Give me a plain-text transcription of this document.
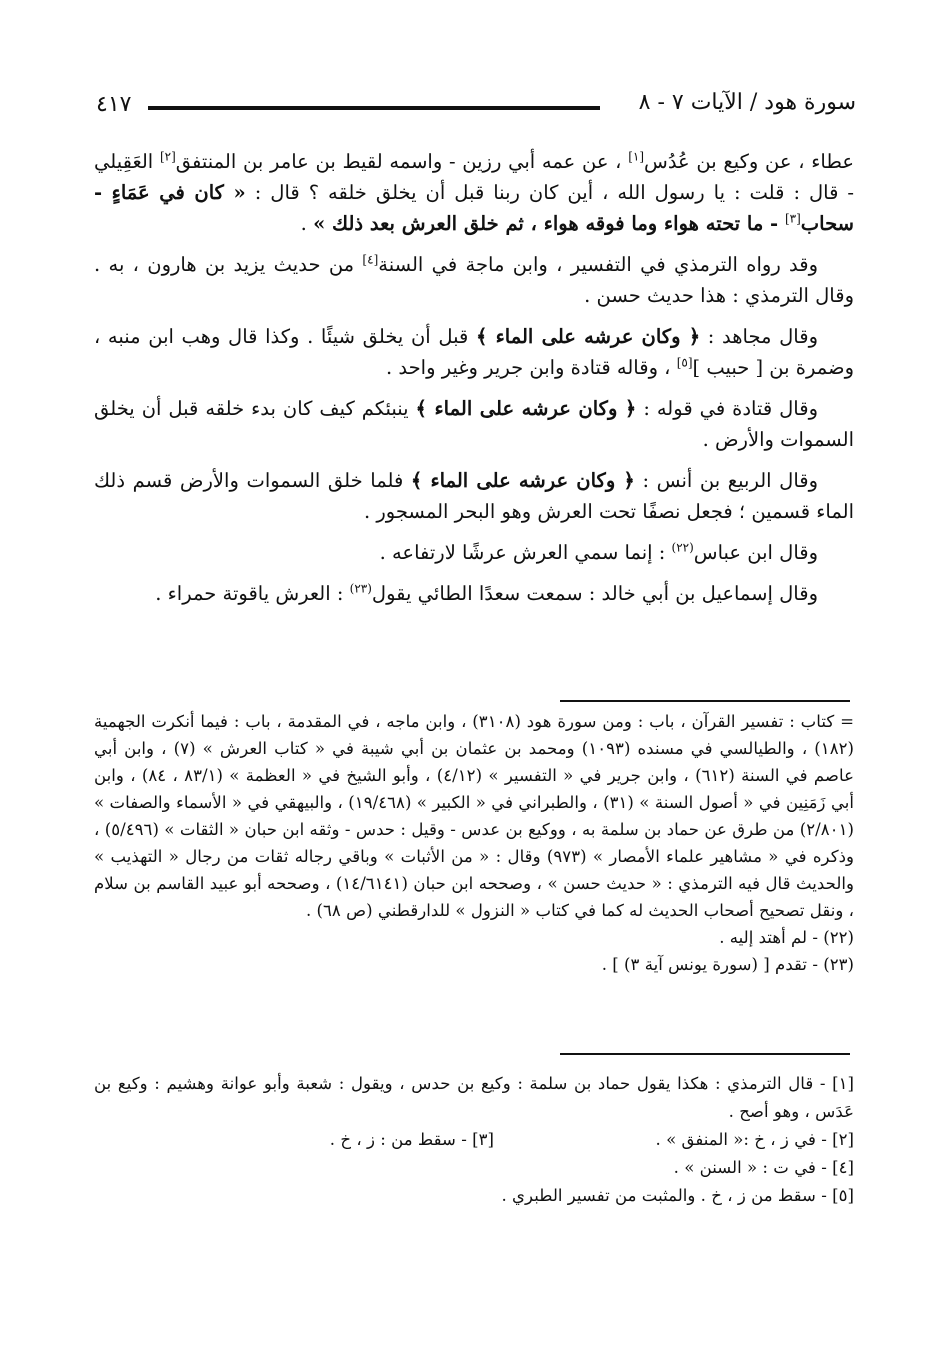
٤١٧	سورة هود / الآيات ٧ - ٨

عطاء ، عن وكيع بن عُدُس[١] ، عن عمه أبي رزين - واسمه لقيط بن عامر بن المنتفق[٢] العَقِيلي - قال : قلت : يا رسول الله ، أين كان ربنا قبل أن يخلق خلقه ؟ قال : « كان في عَمَاءٍ - سحاب[٣] - ما تحته هواء وما فوقه هواء ، ثم خلق العرش بعد ذلك » .

وقد رواه الترمذي في التفسير ، وابن ماجة في السنة[٤] من حديث يزيد بن هارون ، به . وقال الترمذي : هذا حديث حسن .

وقال مجاهد : ﴿ وكان عرشه على الماء ﴾ قبل أن يخلق شيئًا . وكذا قال وهب ابن منبه ، وضمرة بن [ حبيب ][٥] ، وقاله قتادة وابن جرير وغير واحد .

وقال قتادة في قوله : ﴿ وكان عرشه على الماء ﴾ ينبئكم كيف كان بدء خلقه قبل أن يخلق السموات والأرض .

وقال الربيع بن أنس : ﴿ وكان عرشه على الماء ﴾ فلما خلق السموات والأرض قسم ذلك الماء قسمين ؛ فجعل نصفًا تحت العرش وهو البحر المسجور .

وقال ابن عباس$^{(٢٢)}$ : إنما سمي العرش عرشًا لارتفاعه .

وقال إسماعيل بن أبي خالد : سمعت سعدًا الطائي يقول$^{(٢٣)}$ : العرش ياقوتة حمراء .

= كتاب : تفسير القرآن ، باب : ومن سورة هود (٣١٠٨) ، وابن ماجه ، في المقدمة ، باب : فيما أنكرت الجهمية (١٨٢) ، والطيالسي في مسنده (١٠٩٣) ومحمد بن عثمان بن أبي شيبة في « كتاب العرش » (٧) ، وابن أبي عاصم في السنة (٦١٢) ، وابن جرير في « التفسير » (٤/١٢) ، وأبو الشيخ في « العظمة » (٨٣/١ ، ٨٤) ، وابن أبي زَمَنِين في « أصول السنة » (٣١) ، والطبراني في « الكبير » (١٩/٤٦٨) ، والبيهقي في « الأسماء والصفات » (٢/٨٠١) من طرق عن حماد بن سلمة به ، ووكيع بن عدس - وقيل : حدس - وثقه ابن حبان « الثقات » (٥/٤٩٦) ، وذكره في « مشاهير علماء الأمصار » (٩٧٣) وقال : « من الأثبات » وباقي رجاله ثقات من رجال « التهذيب » والحديث قال فيه الترمذي : « حديث حسن » ، وصححه ابن حبان (١٤/٦١٤١) ، وصححه أبو عبيد القاسم بن سلام ، ونقل تصحيح أصحاب الحديث له كما في كتاب « النزول » للدارقطني (ص ٦٨) .

(٢٢) - لم أهتد إليه .

(٢٣) - تقدم [ (سورة يونس آية ٣) ] .

[١] - قال الترمذي : هكذا يقول حماد بن سلمة : وكيع بن حدس ، ويقول : شعبة وأبو عوانة وهشيم : وكيع بن عَدَس ، وهو أصح .

[٢] - في ز ، خ :« المنفق » .
[٣] - سقط من : ز ، خ .

[٤] - في ت : « السنن » .

[٥] - سقط من ز ، خ . والمثبت من تفسير الطبري .
